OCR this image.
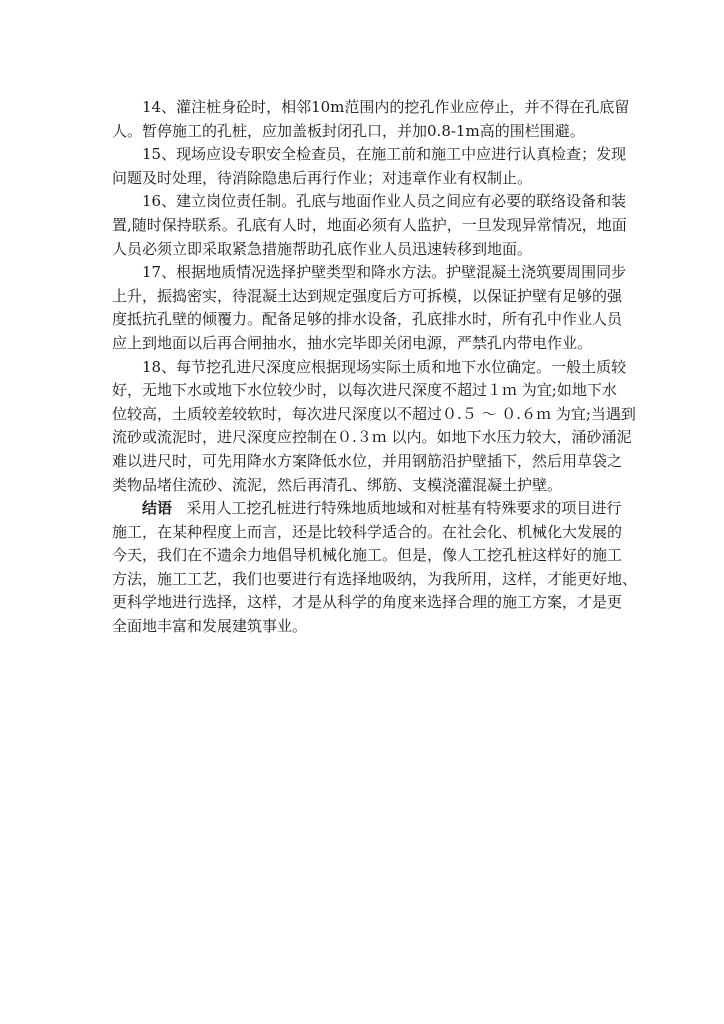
14、灌注桩身砼时，相邻10m范围内的挖孔作业应停止，并不得在孔底留
人。暂停施工的孔桩，应加盖板封闭孔口，并加0.8-1m高的围栏围避。

15、现场应设专职安全检查员，在施工前和施工中应进行认真检查；发现
问题及时处理，待消除隐患后再行作业；对违章作业有权制止。

16、建立岗位责任制。孔底与地面作业人员之间应有必要的联络设备和装
置,随时保持联系。孔底有人时，地面必须有人监护，一旦发现异常情况，地面
人员必须立即采取紧急措施帮助孔底作业人员迅速转移到地面。

17、根据地质情况选择护壁类型和降水方法。护壁混凝土浇筑要周围同步
上升，振捣密实，待混凝土达到规定强度后方可拆模，以保证护壁有足够的强
度抵抗孔壁的倾覆力。配备足够的排水设备，孔底排水时，所有孔中作业人员
应上到地面以后再合闸抽水，抽水完毕即关闭电源，严禁孔内带电作业。

18、每节挖孔进尺深度应根据现场实际土质和地下水位确定。一般土质较
好，无地下水或地下水位较少时，以每次进尺深度不超过１ｍ 为宜;如地下水
位较高，土质较差较软时，每次进尺深度以不超过０.５ ～ ０.６ｍ 为宜;当遇到
流砂或流泥时，进尺深度应控制在０.３ｍ 以内。如地下水压力较大，涌砂涌泥
难以进尺时，可先用降水方案降低水位，并用钢筋沿护壁插下，然后用草袋之
类物品堵住流砂、流泥，然后再清孔、绑筋、支模浇灌混凝土护壁。

结语 采用人工挖孔桩进行特殊地质地域和对桩基有特殊要求的项目进行
施工，在某种程度上而言，还是比较科学适合的。在社会化、机械化大发展的
今天，我们在不遗余力地倡导机械化施工。但是，像人工挖孔桩这样好的施工
方法，施工工艺，我们也要进行有选择地吸纳，为我所用，这样，才能更好地、
更科学地进行选择，这样，才是从科学的角度来选择合理的施工方案，才是更
全面地丰富和发展建筑事业。
